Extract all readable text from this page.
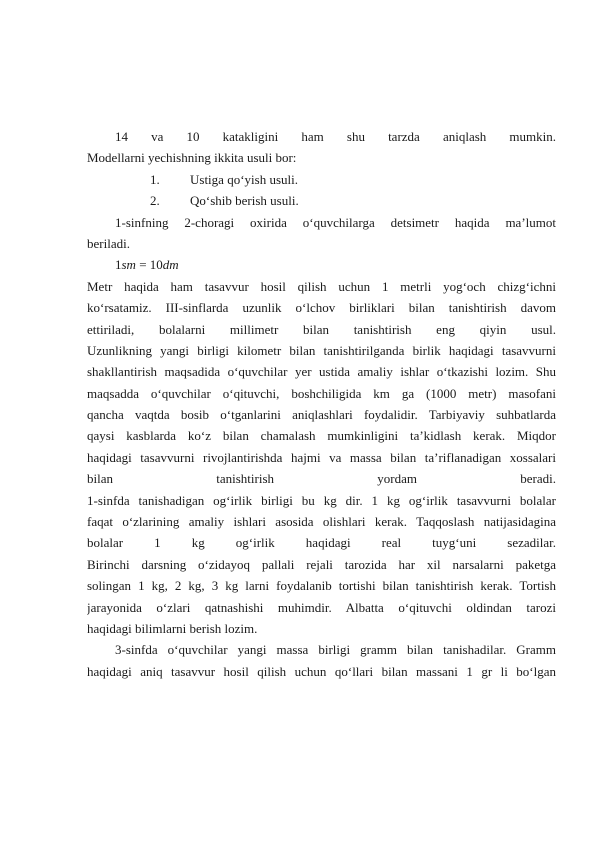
14 va 10 katakligini ham shu tarzda aniqlash mumkin.
Modellarni yechishning ikkita usuli bor:
1. Ustiga qo‘yish usuli.
2. Qo‘shib berish usuli.
1-sinfning 2-choragi oxirida o‘quvchilarga detsimetr haqida ma’lumot
beriladi.
1sm = 10dm
Metr haqida ham tasavvur hosil qilish uchun 1 metrli yog‘och chizg‘ichni
ko‘rsatamiz. III-sinflarda uzunlik o‘lchov birliklari bilan tanishtirish davom
ettiriladi, bolalarni millimetr bilan tanishtirish eng qiyin usul.
Uzunlikning yangi birligi kilometr bilan tanishtirilganda birlik haqidagi tasavvurni
shakllantirish maqsadida o‘quvchilar yer ustida amaliy ishlar o‘tkazishi lozim. Shu
maqsadda o‘quvchilar o‘qituvchi, boshchiligida km ga (1000 metr) masofani
qancha vaqtda bosib o‘tganlarini aniqlashlari foydalidir. Tarbiyaviy suhbatlarda
qaysi kasblarda ko‘z bilan chamalash mumkinligini ta’kidlash kerak. Miqdor
haqidagi tasavvurni rivojlantirishda hajmi va massa bilan ta’riflanadigan xossalari
bilan tanishtirish yordam beradi.
1-sinfda tanishadigan og‘irlik birligi bu kg dir. 1 kg og‘irlik tasavvurni bolalar
faqat o‘zlarining amaliy ishlari asosida olishlari kerak. Taqqoslash natijasidagina
bolalar 1 kg og‘irlik haqidagi real tuyg‘uni sezadilar.
Birinchi darsning o‘zidayoq pallali rejali tarozida har xil narsalarni paketga
solingan 1 kg, 2 kg, 3 kg larni foydalanib tortishi bilan tanishtirish kerak. Tortish
jarayonida o‘zlari qatnashishi muhimdir. Albatta o‘qituvchi oldindan tarozi
haqidagi bilimlarni berish lozim.
3-sinfda o‘quvchilar yangi massa birligi gramm bilan tanishadilar. Gramm
haqidagi aniq tasavvur hosil qilish uchun qo‘llari bilan massani 1 gr li bo‘lgan
